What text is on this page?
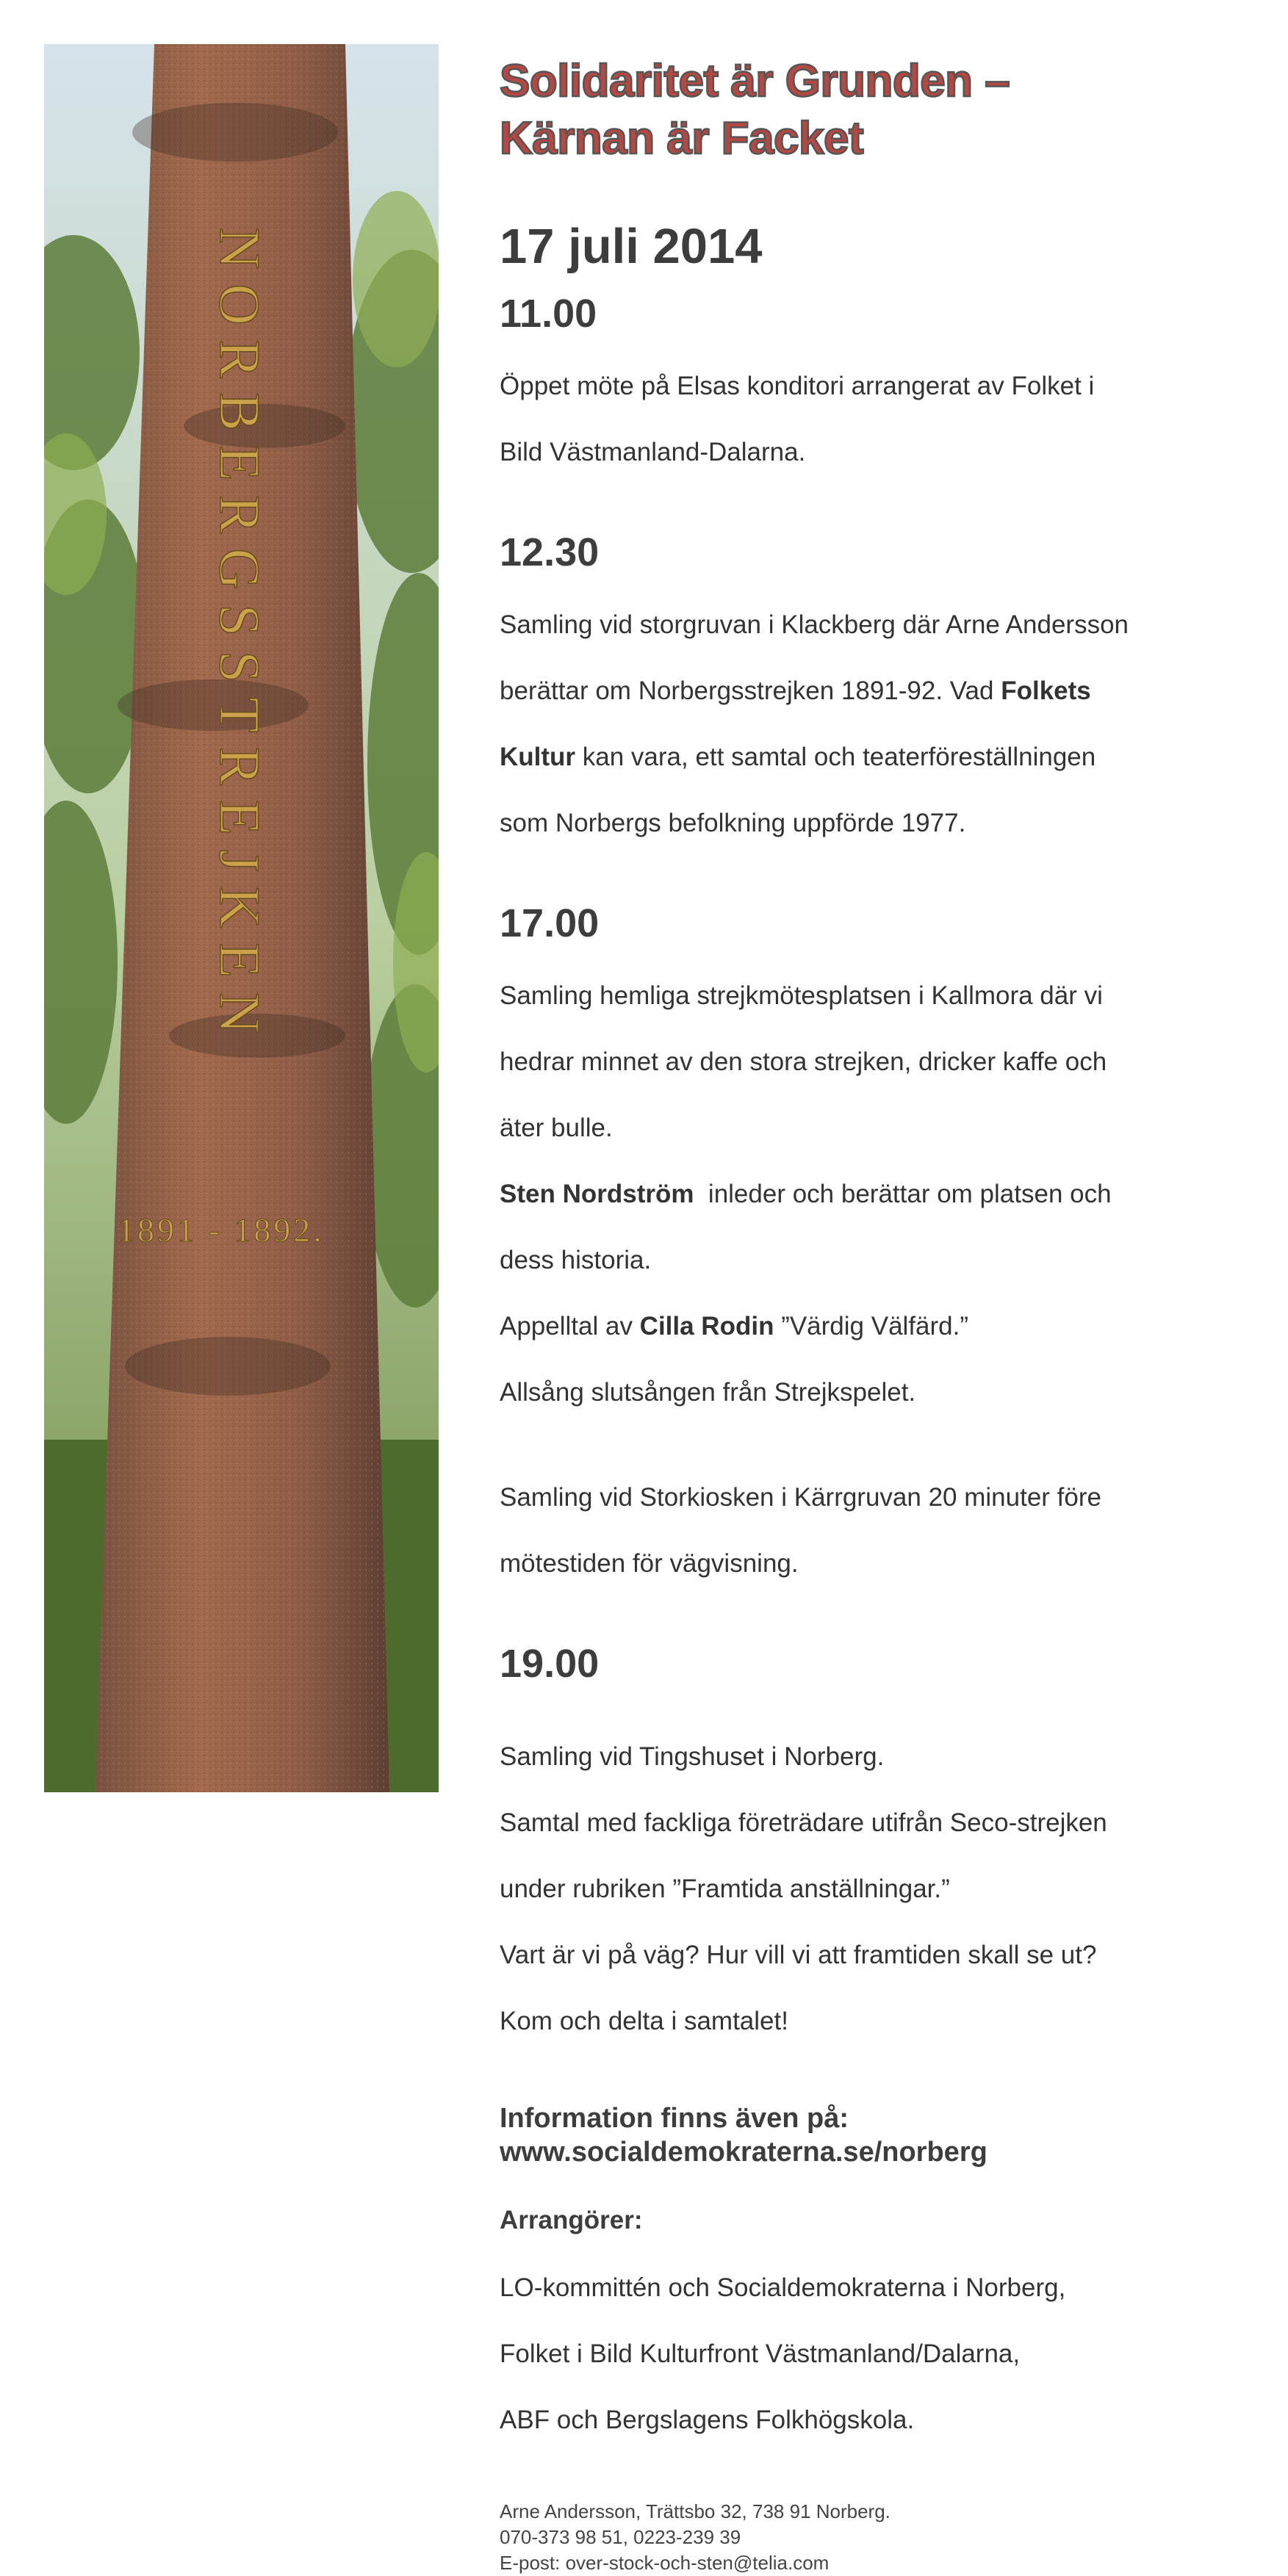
NORBERGSSTREJKEN
1891 - 1892.
Solidaritet är Grunden –
Kärnan är Facket
17 juli 2014
11.00

Öppet möte på Elsas konditori arrangerat av Folket i

Bild Västmanland-Dalarna.

12.30

Samling vid storgruvan i Klackberg där Arne Andersson

berättar om Norbergsstrejken 1891-92. Vad Folkets

Kultur kan vara, ett samtal och teaterföreställningen

som Norbergs befolkning uppförde 1977.

17.00

Samling hemliga strejkmötesplatsen i Kallmora där vi

hedrar minnet av den stora strejken, dricker kaffe och

äter bulle.

Sten Nordström  inleder och berättar om platsen och

dess historia.

Appelltal av Cilla Rodin ”Värdig Välfärd.”

Allsång slutsången från Strejkspelet.

Samling vid Storkiosken i Kärrgruvan 20 minuter före

mötestiden för vägvisning.

19.00

Samling vid Tingshuset i Norberg.

Samtal med fackliga företrädare utifrån Seco-strejken

under rubriken ”Framtida anställningar.”

Vart är vi på väg? Hur vill vi att framtiden skall se ut?

Kom och delta i samtalet!

Information finns även på:
www.socialdemokraterna.se/norberg
Arrangörer:

LO-kommittén och Socialdemokraterna i Norberg,

Folket i Bild Kulturfront Västmanland/Dalarna,

ABF och Bergslagens Folkhögskola.

Arne Andersson, Trättsbo 32, 738 91 Norberg.
070-373 98 51, 0223-239 39
E-post: over-stock-och-sten@telia.com
